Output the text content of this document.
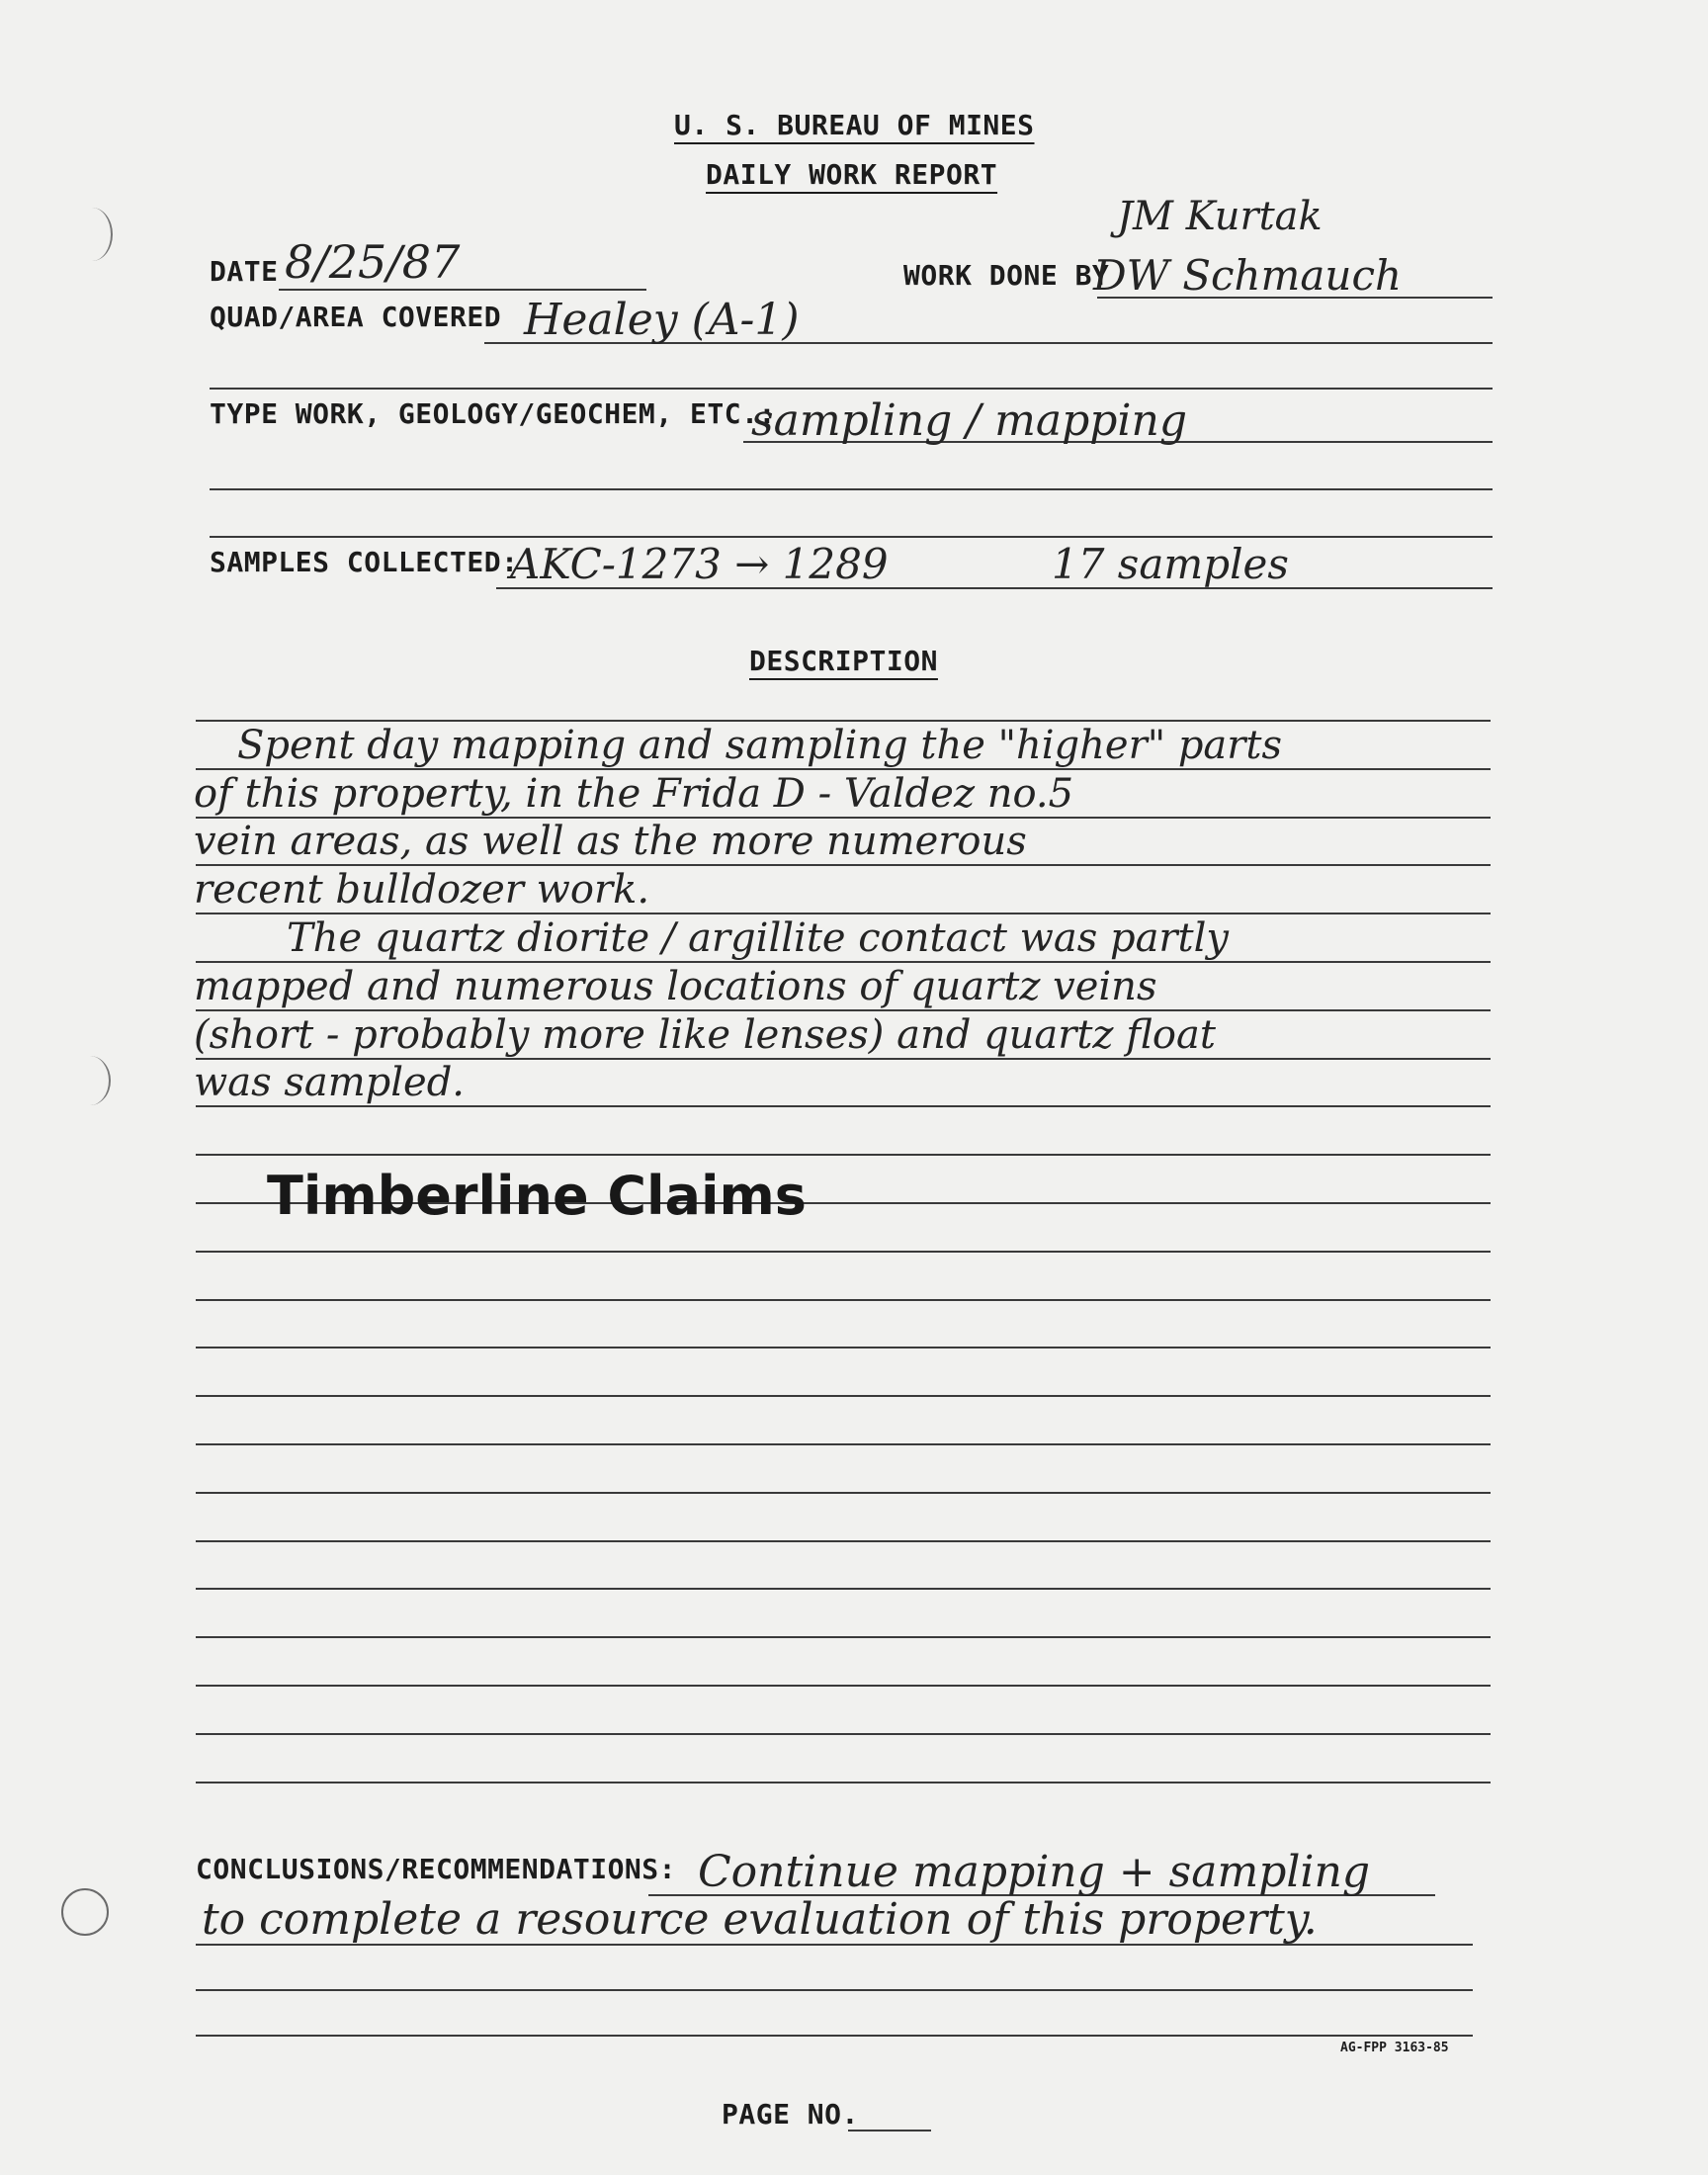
U. S. BUREAU OF MINES
DAILY WORK REPORT
DATE 8/25/87	WORK DONE BY
JM Kurtak
DW Schmauch
QUAD/AREA COVERED Healey (A-1)
TYPE WORK, GEOLOGY/GEOCHEM, ETC.:
sampling / mapping
SAMPLES COLLECTED:
AKC-1273 → 1289	17 samples
DESCRIPTION
Spent day mapping and sampling the "higher" parts
of this property, in the Frida D - Valdez no.5
vein areas, as well as the more numerous
recent bulldozer work.
The quartz diorite / argillite contact was partly
mapped and numerous locations of quartz veins
(short - probably more like lenses) and quartz float
was sampled.
Timberline Claims
CONCLUSIONS/RECOMMENDATIONS: Continue mapping + sampling
to complete a resource evaluation of this property.
AG-FPP 3163-85
PAGE NO.
